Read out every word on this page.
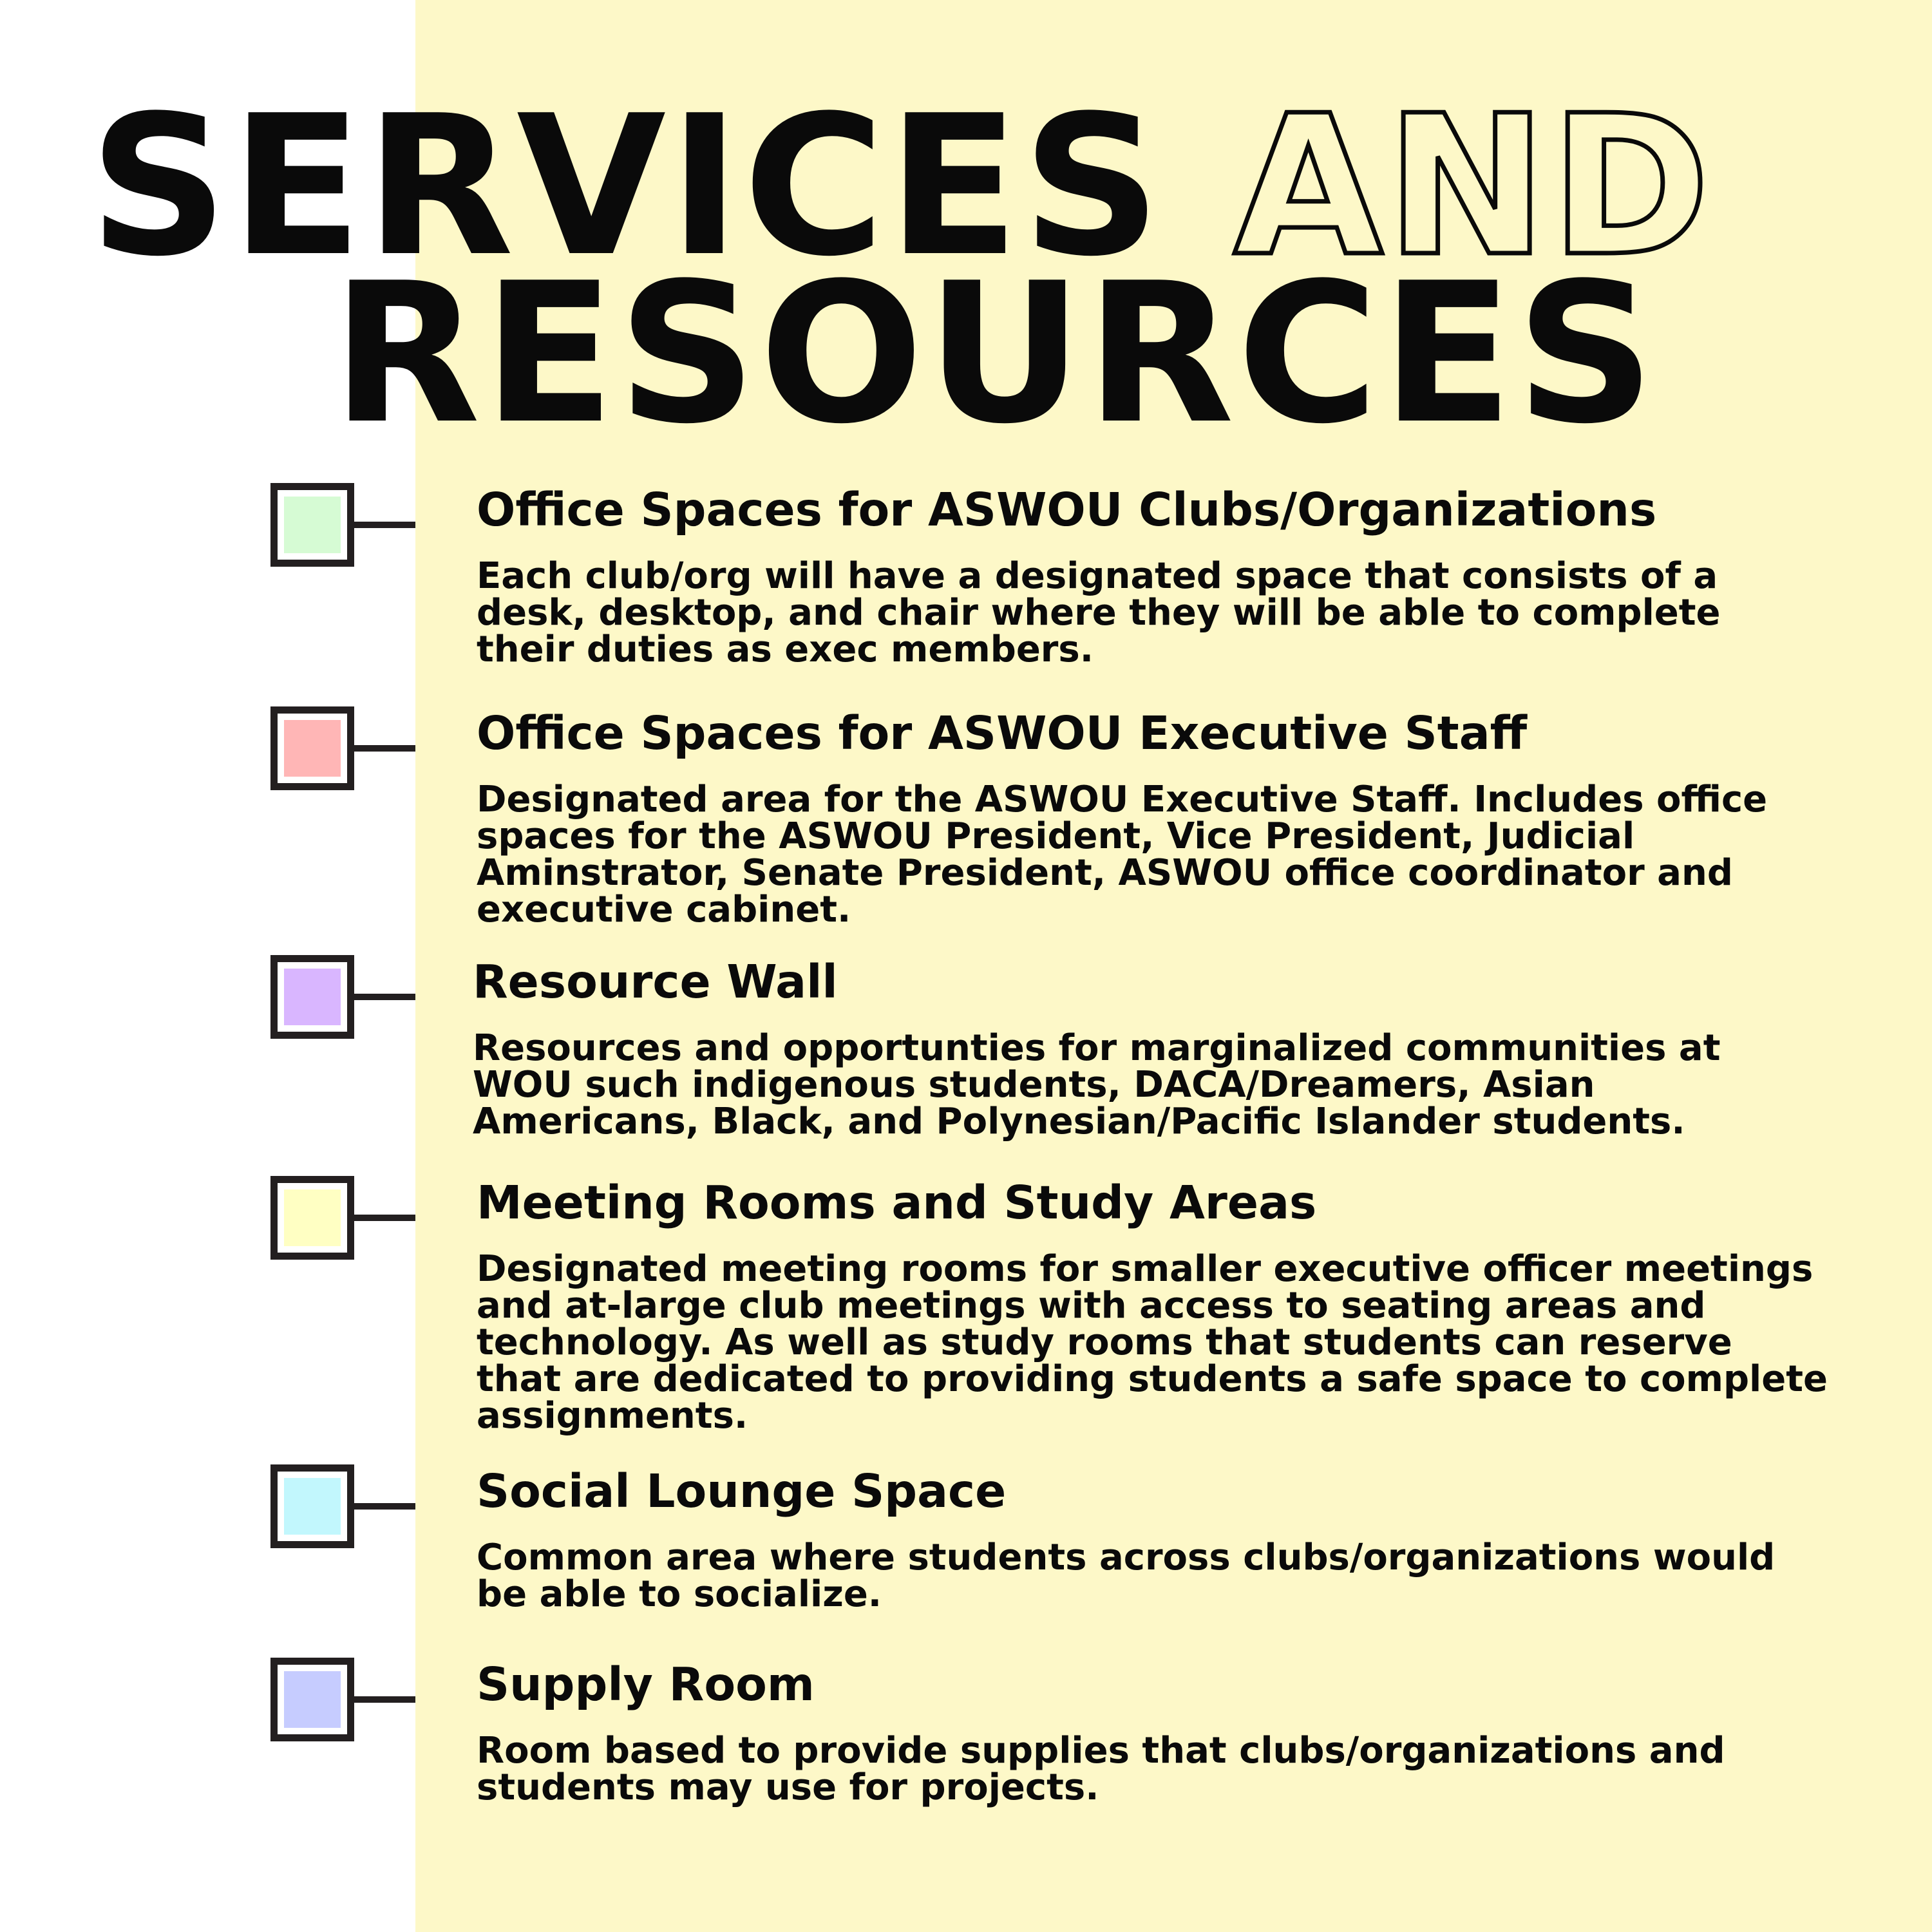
SERVICES AND
RESOURCES
Office Spaces for ASWOU Clubs/Organizations
Each club/org will have a designated space that consists of a desk, desktop, and chair where they will be able to complete their duties as exec members.
Office Spaces for ASWOU Executive Staff
Designated area for the ASWOU Executive Staff. Includes office spaces for the ASWOU President, Vice President, Judicial Aminstrator, Senate President, ASWOU office coordinator and executive cabinet.
Resource Wall
Resources and opportunties for marginalized communities at WOU such indigenous students, DACA/Dreamers, Asian Americans, Black, and Polynesian/Pacific Islander students.
Meeting Rooms and Study Areas
Designated meeting rooms for smaller executive officer meetings and at-large club meetings with access to seating areas and technology. As well as study rooms that students can reserve that are dedicated to providing students a safe space to complete assignments.
Social Lounge Space
Common area where students across clubs/organizations would be able to socialize.
Supply Room
Room based to provide supplies that clubs/organizations and students may use for projects.
